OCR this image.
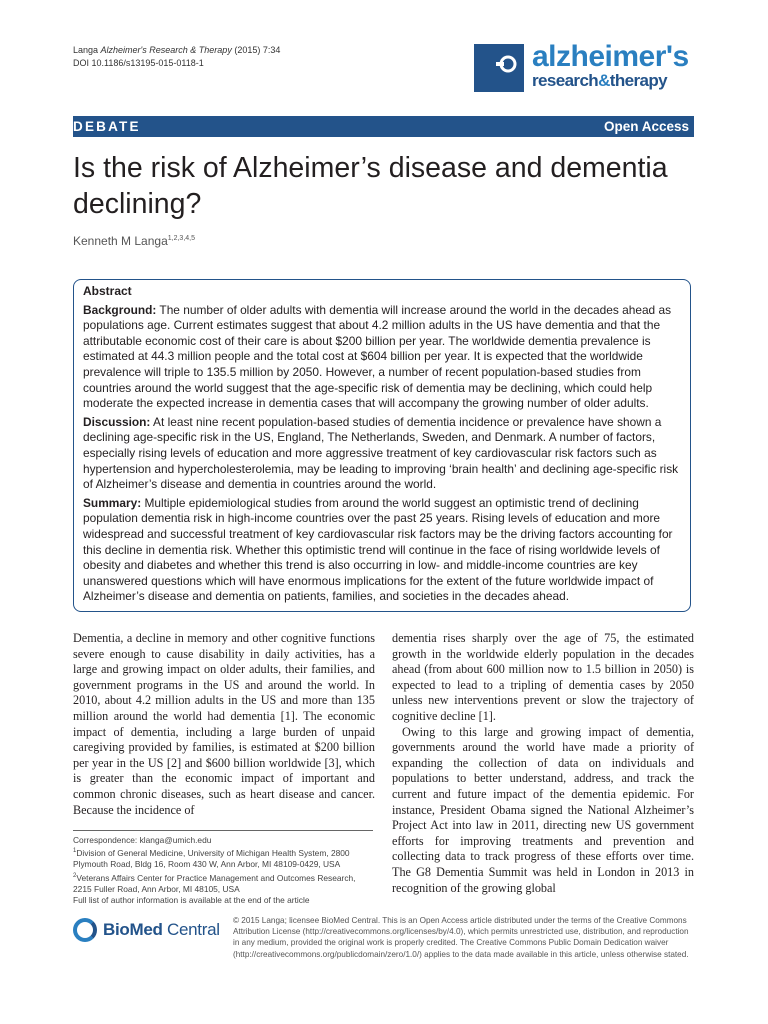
Langa Alzheimer's Research & Therapy (2015) 7:34
DOI 10.1186/s13195-015-0118-1	alzheimer's
research&therapy
DEBATE	Open Access
Is the risk of Alzheimer’s disease and dementia declining?
Kenneth M Langa$^{1,2,3,4,5}$
Abstract

Background: The number of older adults with dementia will increase around the world in the decades ahead as populations age. Current estimates suggest that about 4.2 million adults in the US have dementia and that the attributable economic cost of their care is about $200 billion per year. The worldwide dementia prevalence is estimated at 44.3 million people and the total cost at $604 billion per year. It is expected that the worldwide prevalence will triple to 135.5 million by 2050. However, a number of recent population-based studies from countries around the world suggest that the age-specific risk of dementia may be declining, which could help moderate the expected increase in dementia cases that will accompany the growing number of older adults.

Discussion: At least nine recent population-based studies of dementia incidence or prevalence have shown a declining age-specific risk in the US, England, The Netherlands, Sweden, and Denmark. A number of factors, especially rising levels of education and more aggressive treatment of key cardiovascular risk factors such as hypertension and hypercholesterolemia, may be leading to improving ‘brain health’ and declining age-specific risk of Alzheimer’s disease and dementia in countries around the world.

Summary: Multiple epidemiological studies from around the world suggest an optimistic trend of declining population dementia risk in high-income countries over the past 25 years. Rising levels of education and more widespread and successful treatment of key cardiovascular risk factors may be the driving factors accounting for this decline in dementia risk. Whether this optimistic trend will continue in the face of rising worldwide levels of obesity and diabetes and whether this trend is also occurring in low- and middle-income countries are key unanswered questions which will have enormous implications for the extent of the future worldwide impact of Alzheimer’s disease and dementia on patients, families, and societies in the decades ahead.

Dementia, a decline in memory and other cognitive functions severe enough to cause disability in daily activities, has a large and growing impact on older adults, their families, and government programs in the US and around the world. In 2010, about 4.2 million adults in the US and more than 135 million around the world had dementia [1]. The economic impact of dementia, including a large burden of unpaid caregiving provided by families, is estimated at $200 billion per year in the US [2] and $600 billion worldwide [3], which is greater than the economic impact of important and common chronic diseases, such as heart disease and cancer. Because the incidence of

dementia rises sharply over the age of 75, the estimated growth in the worldwide elderly population in the decades ahead (from about 600 million now to 1.5 billion in 2050) is expected to lead to a tripling of dementia cases by 2050 unless new interventions prevent or slow the trajectory of cognitive decline [1].

Owing to this large and growing impact of dementia, governments around the world have made a priority of expanding the collection of data on individuals and populations to better understand, address, and track the current and future impact of the dementia epidemic. For instance, President Obama signed the National Alzheimer’s Project Act into law in 2011, directing new US government efforts for improving treatments and prevention and collecting data to track progress of these efforts over time. The G8 Dementia Summit was held in London in 2013 in recognition of the growing global

Correspondence: klanga@umich.edu
$^1$Division of General Medicine, University of Michigan Health System, 2800 Plymouth Road, Bldg 16, Room 430 W, Ann Arbor, MI 48109-0429, USA
$^2$Veterans Affairs Center for Practice Management and Outcomes Research, 2215 Fuller Road, Ann Arbor, MI 48105, USA
Full list of author information is available at the end of the article
BioMed Central © 2015 Langa; licensee BioMed Central. This is an Open Access article distributed under the terms of the Creative Commons Attribution License (http://creativecommons.org/licenses/by/4.0), which permits unrestricted use, distribution, and reproduction in any medium, provided the original work is properly credited. The Creative Commons Public Domain Dedication waiver (http://creativecommons.org/publicdomain/zero/1.0/) applies to the data made available in this article, unless otherwise stated.
